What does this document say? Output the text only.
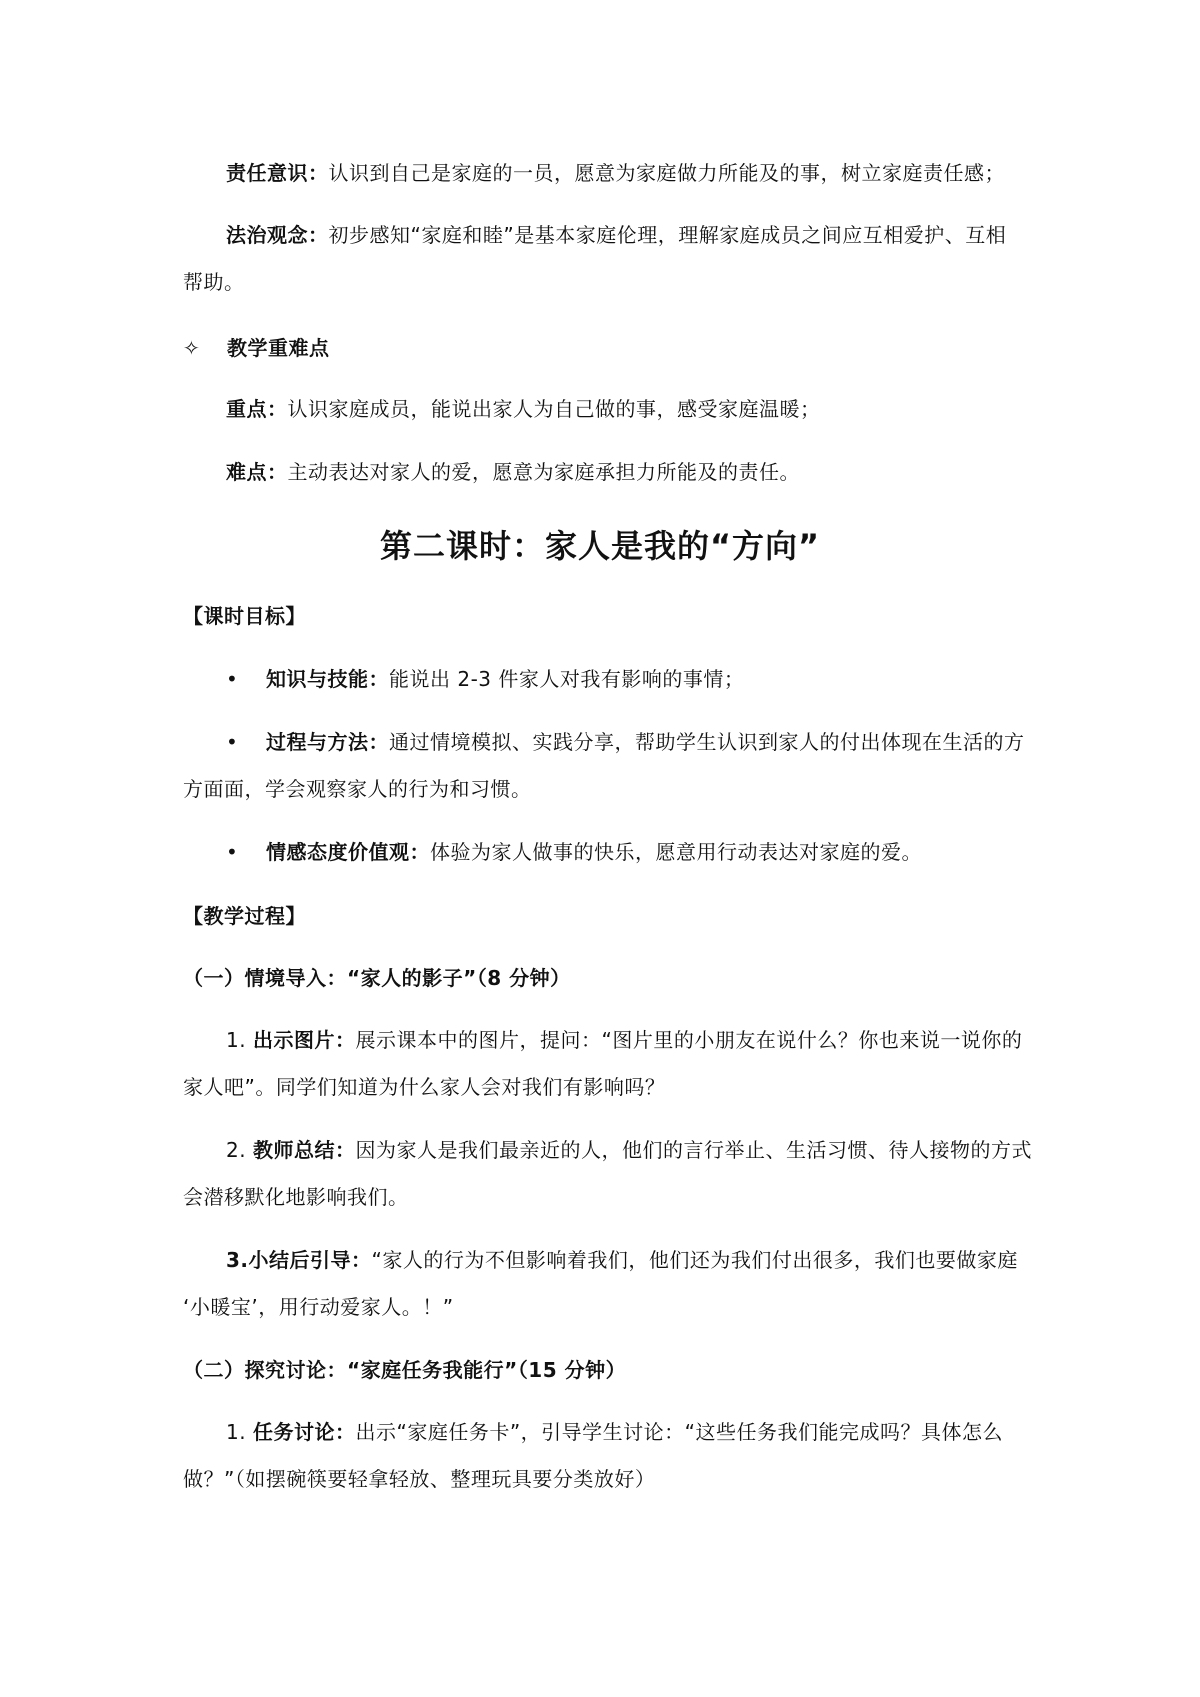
责任意识：认识到自己是家庭的一员，愿意为家庭做力所能及的事，树立家庭责任感；
法治观念：初步感知“家庭和睦”是基本家庭伦理，理解家庭成员之间应互相爱护、互相
帮助。
✧ 教学重难点
重点：认识家庭成员，能说出家人为自己做的事，感受家庭温暖；
难点：主动表达对家人的爱，愿意为家庭承担力所能及的责任。
第二课时：家人是我的“方向”
【课时目标】
• 知识与技能：能说出 2-3 件家人对我有影响的事情；
• 过程与方法：通过情境模拟、实践分享，帮助学生认识到家人的付出体现在生活的方
方面面，学会观察家人的行为和习惯。
• 情感态度价值观：体验为家人做事的快乐，愿意用行动表达对家庭的爱。
【教学过程】
（一）情境导入：“家人的影子”（8 分钟）
1. 出示图片：展示课本中的图片，提问：“图片里的小朋友在说什么？你也来说一说你的
家人吧”。同学们知道为什么家人会对我们有影响吗？
2. 教师总结：因为家人是我们最亲近的人，他们的言行举止、生活习惯、待人接物的方式
会潜移默化地影响我们。
3.小结后引导：“家人的行为不但影响着我们，他们还为我们付出很多，我们也要做家庭
‘小暖宝’，用行动爱家人。！”
（二）探究讨论：“家庭任务我能行”（15 分钟）
1. 任务讨论：出示“家庭任务卡”，引导学生讨论：“这些任务我们能完成吗？具体怎么
做？”（如摆碗筷要轻拿轻放、整理玩具要分类放好）
